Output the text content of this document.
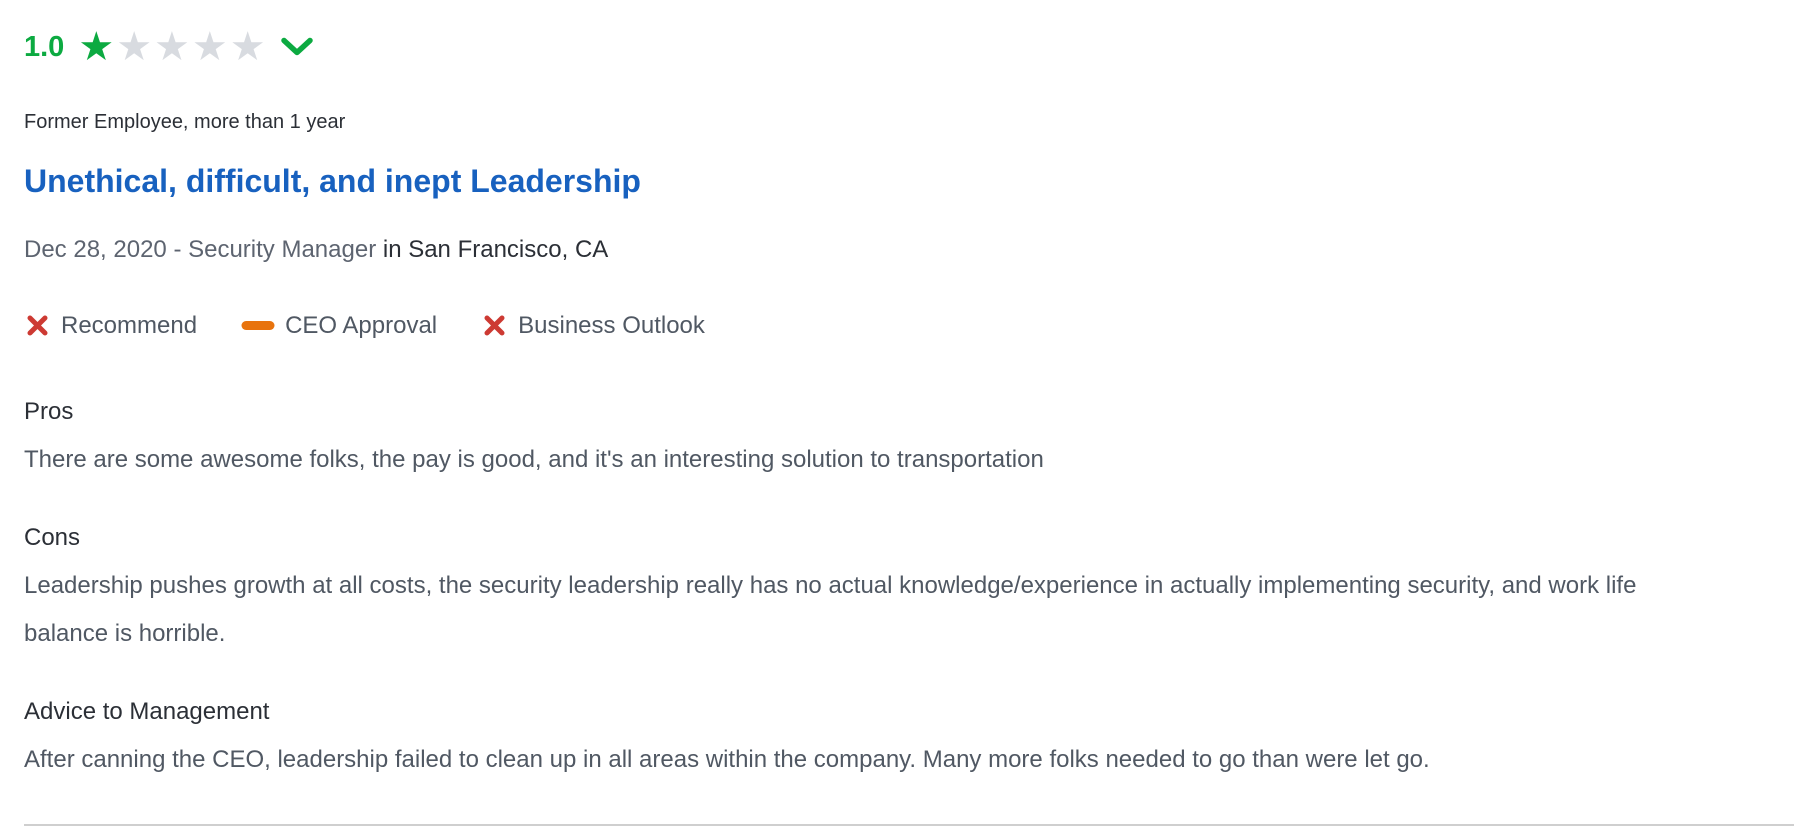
1.0 ★ ★ ★ ★ ★
Former Employee, more than 1 year
Unethical, difficult, and inept Leadership
Dec 28, 2020 - Security Manager in San Francisco, CA
Recommend	CEO Approval	Business Outlook
Pros

There are some awesome folks, the pay is good, and it's an interesting solution to transportation

Cons

Leadership pushes growth at all costs, the security leadership really has no actual knowledge/experience in actually implementing security, and work life balance is horrible.

Advice to Management

After canning the CEO, leadership failed to clean up in all areas within the company. Many more folks needed to go than were let go.
